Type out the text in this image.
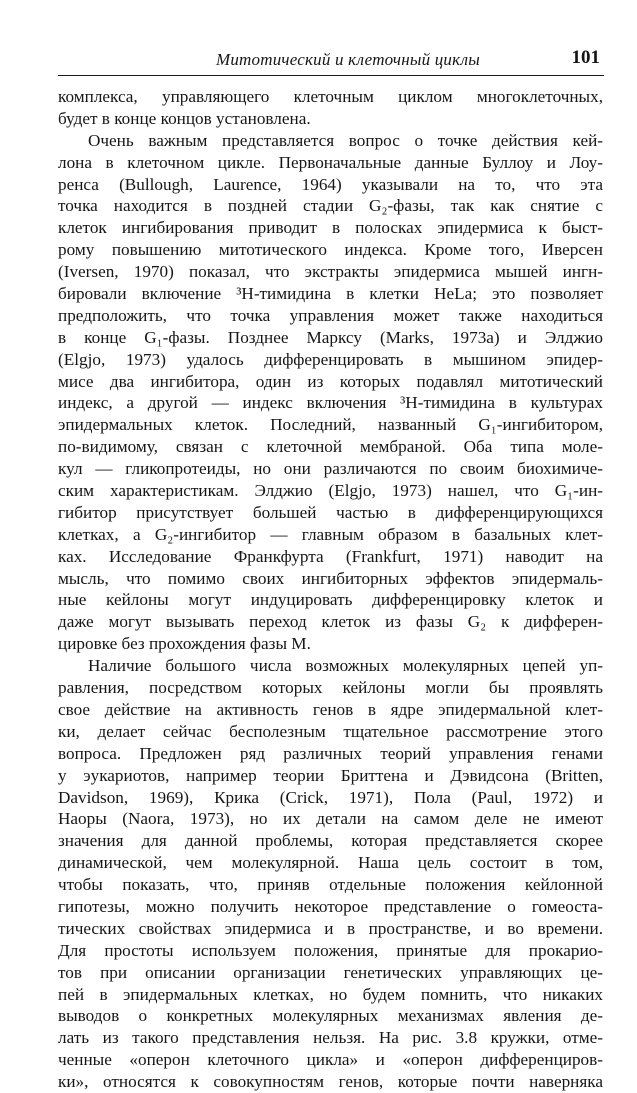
Митотический и клеточный циклы	101
комплекса, управляющего клеточным циклом многоклеточных,
будет в конце концов установлена.
Очень важным представляется вопрос о точке действия кей-
лона в клеточном цикле. Первоначальные данные Буллоу и Лоу-
ренса (Bullough, Laurence, 1964) указывали на то, что эта
точка находится в поздней стадии G₂-фазы, так как снятие с
клеток ингибирования приводит в полосках эпидермиса к быст-
рому повышению митотического индекса. Кроме того, Иверсен
(Iversen, 1970) показал, что экстракты эпидермиса мышей ингн-
бировали включение ³Н-тимидина в клетки HeLa; это позволяет
предположить, что точка управления может также находиться
в конце G₁-фазы. Позднее Марксу (Marks, 1973a) и Элджио
(Elgjo, 1973) удалось дифференцировать в мышином эпидер-
мисе два ингибитора, один из которых подавлял митотический
индекс, а другой — индекс включения ³Н-тимидина в культурах
эпидермальных клеток. Последний, названный G₁-ингибитором,
по-видимому, связан с клеточной мембраной. Оба типа моле-
кул — гликопротеиды, но они различаются по своим биохимиче-
ским характеристикам. Элджио (Elgjo, 1973) нашел, что G₁-ин-
гибитор присутствует большей частью в дифференцирующихся
клетках, а G₂-ингибитор — главным образом в базальных клет-
ках. Исследование Франкфурта (Frankfurt, 1971) наводит на
мысль, что помимо своих ингибиторных эффектов эпидермаль-
ные кейлоны могут индуцировать дифференцировку клеток и
даже могут вызывать переход клеток из фазы G₂ к дифферен-
цировке без прохождения фазы M.
Наличие большого числа возможных молекулярных цепей уп-
равления, посредством которых кейлоны могли бы проявлять
свое действие на активность генов в ядре эпидермальной клет-
ки, делает сейчас бесполезным тщательное рассмотрение этого
вопроса. Предложен ряд различных теорий управления генами
у эукариотов, например теории Бриттена и Дэвидсона (Britten,
Davidson, 1969), Крика (Crick, 1971), Пола (Paul, 1972) и
Наоры (Naora, 1973), но их детали на самом деле не имеют
значения для данной проблемы, которая представляется скорее
динамической, чем молекулярной. Наша цель состоит в том,
чтобы показать, что, приняв отдельные положения кейлонной
гипотезы, можно получить некоторое представление о гомеоста-
тических свойствах эпидермиса и в пространстве, и во времени.
Для простоты используем положения, принятые для прокарио-
тов при описании организации генетических управляющих це-
пей в эпидермальных клетках, но будем помнить, что никаких
выводов о конкретных молекулярных механизмах явления де-
лать из такого представления нельзя. На рис. 3.8 кружки, отме-
ченные «оперон клеточного цикла» и «оперон дифференциров-
ки», относятся к совокупностям генов, которые почти наверняка
